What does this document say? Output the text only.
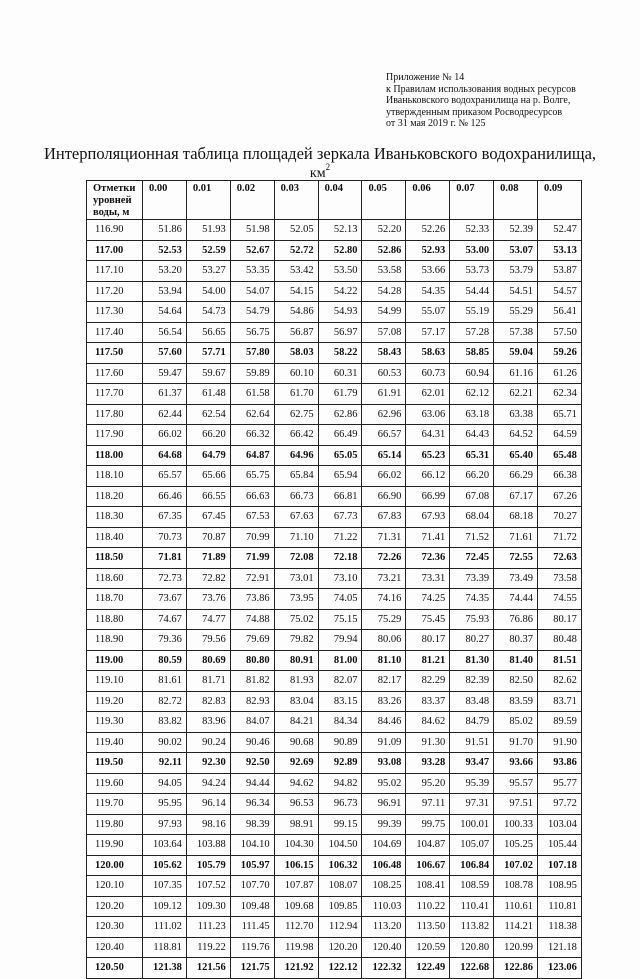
Приложение № 14
к Правилам использования водных ресурсов
Иваньковского водохранилища на р. Волге,
утвержденным приказом Росводресурсов
от 31 мая 2019 г. № 125
Интерполяционная таблица площадей зеркала Иваньковского водохранилища,
$км^2$
Отметки
уровней
воды, м	0.00	0.01	0.02	0.03	0.04	0.05	0.06	0.07	0.08	0.09
116.90	51.86	51.93	51.98	52.05	52.13	52.20	52.26	52.33	52.39	52.47
117.00	52.53	52.59	52.67	52.72	52.80	52.86	52.93	53.00	53.07	53.13
117.10	53.20	53.27	53.35	53.42	53.50	53.58	53.66	53.73	53.79	53.87
117.20	53.94	54.00	54.07	54.15	54.22	54.28	54.35	54.44	54.51	54.57
117.30	54.64	54.73	54.79	54.86	54.93	54.99	55.07	55.19	55.29	56.41
117.40	56.54	56.65	56.75	56.87	56.97	57.08	57.17	57.28	57.38	57.50
117.50	57.60	57.71	57.80	58.03	58.22	58.43	58.63	58.85	59.04	59.26
117.60	59.47	59.67	59.89	60.10	60.31	60.53	60.73	60.94	61.16	61.26
117.70	61.37	61.48	61.58	61.70	61.79	61.91	62.01	62.12	62.21	62.34
117.80	62.44	62.54	62.64	62.75	62.86	62.96	63.06	63.18	63.38	65.71
117.90	66.02	66.20	66.32	66.42	66.49	66.57	64.31	64.43	64.52	64.59
118.00	64.68	64.79	64.87	64.96	65.05	65.14	65.23	65.31	65.40	65.48
118.10	65.57	65.66	65.75	65.84	65.94	66.02	66.12	66.20	66.29	66.38
118.20	66.46	66.55	66.63	66.73	66.81	66.90	66.99	67.08	67.17	67.26
118.30	67.35	67.45	67.53	67.63	67.73	67.83	67.93	68.04	68.18	70.27
118.40	70.73	70.87	70.99	71.10	71.22	71.31	71.41	71.52	71.61	71.72
118.50	71.81	71.89	71.99	72.08	72.18	72.26	72.36	72.45	72.55	72.63
118.60	72.73	72.82	72.91	73.01	73.10	73.21	73.31	73.39	73.49	73.58
118.70	73.67	73.76	73.86	73.95	74.05	74.16	74.25	74.35	74.44	74.55
118.80	74.67	74.77	74.88	75.02	75.15	75.29	75.45	75.93	76.86	80.17
118.90	79.36	79.56	79.69	79.82	79.94	80.06	80.17	80.27	80.37	80.48
119.00	80.59	80.69	80.80	80.91	81.00	81.10	81.21	81.30	81.40	81.51
119.10	81.61	81.71	81.82	81.93	82.07	82.17	82.29	82.39	82.50	82.62
119.20	82.72	82.83	82.93	83.04	83.15	83.26	83.37	83.48	83.59	83.71
119.30	83.82	83.96	84.07	84.21	84.34	84.46	84.62	84.79	85.02	89.59
119.40	90.02	90.24	90.46	90.68	90.89	91.09	91.30	91.51	91.70	91.90
119.50	92.11	92.30	92.50	92.69	92.89	93.08	93.28	93.47	93.66	93.86
119.60	94.05	94.24	94.44	94.62	94.82	95.02	95.20	95.39	95.57	95.77
119.70	95.95	96.14	96.34	96.53	96.73	96.91	97.11	97.31	97.51	97.72
119.80	97.93	98.16	98.39	98.91	99.15	99.39	99.75	100.01	100.33	103.04
119.90	103.64	103.88	104.10	104.30	104.50	104.69	104.87	105.07	105.25	105.44
120.00	105.62	105.79	105.97	106.15	106.32	106.48	106.67	106.84	107.02	107.18
120.10	107.35	107.52	107.70	107.87	108.07	108.25	108.41	108.59	108.78	108.95
120.20	109.12	109.30	109.48	109.68	109.85	110.03	110.22	110.41	110.61	110.81
120.30	111.02	111.23	111.45	112.70	112.94	113.20	113.50	113.82	114.21	118.38
120.40	118.81	119.22	119.76	119.98	120.20	120.40	120.59	120.80	120.99	121.18
120.50	121.38	121.56	121.75	121.92	122.12	122.32	122.49	122.68	122.86	123.06
